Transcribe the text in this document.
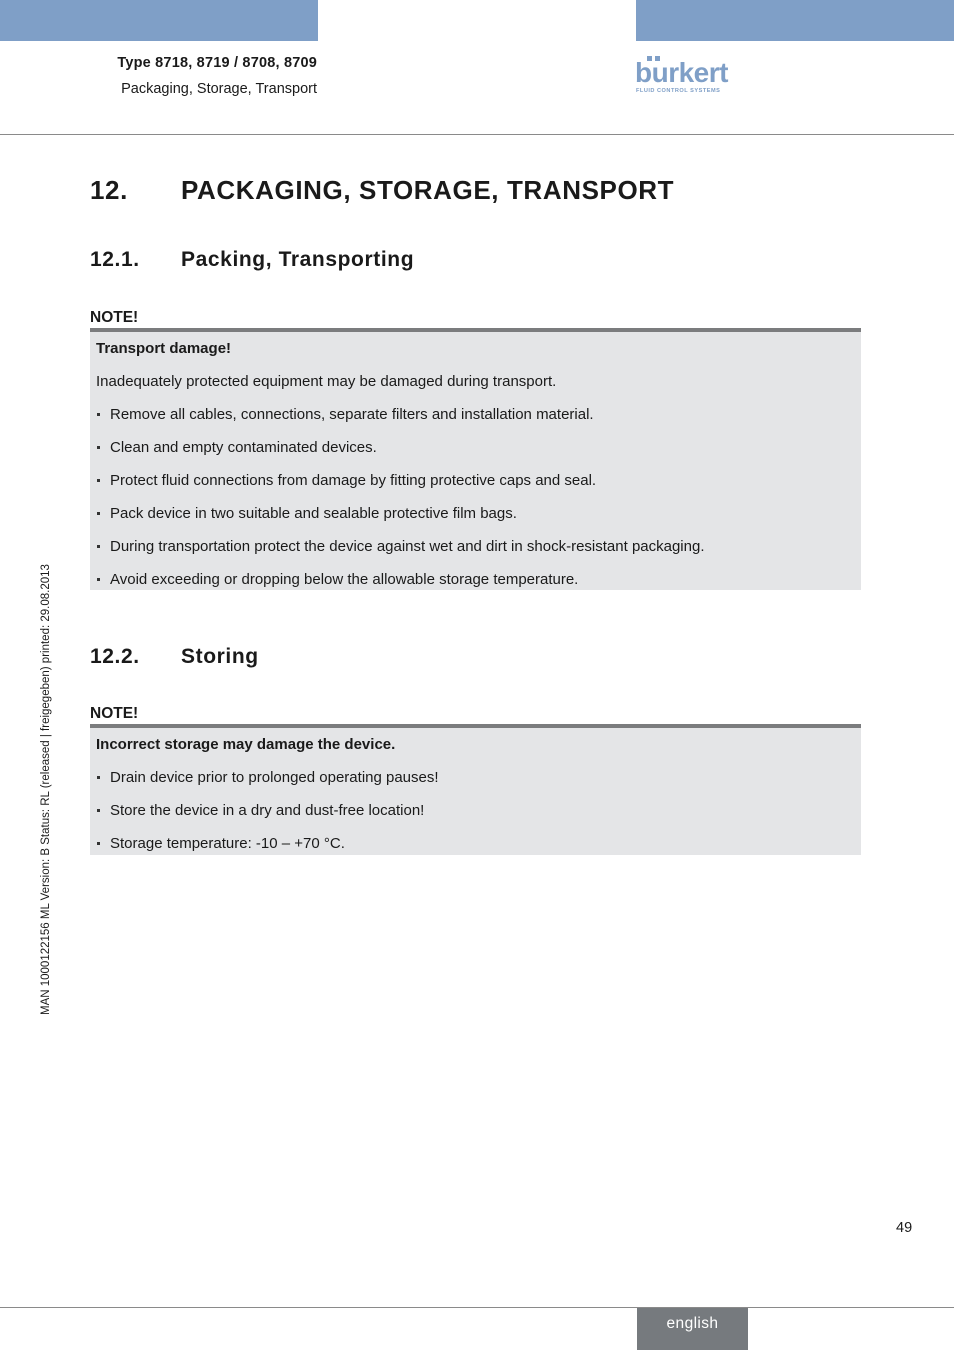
Type 8718, 8719 / 8708, 8709
Packaging, Storage, Transport
burkert
FLUID CONTROL SYSTEMS
MAN 1000122156 ML Version: B Status: RL (released | freigegeben) printed: 29.08.2013
12. PACKAGING, STORAGE, TRANSPORT
12.1. Packing, Transporting
NOTE!
Transport damage!
Inadequately protected equipment may be damaged during transport.
Remove all cables, connections, separate filters and installation material.
Clean and empty contaminated devices.
Protect fluid connections from damage by fitting protective caps and seal.
Pack device in two suitable and sealable protective film bags.
During transportation protect the device against wet and dirt in shock-resistant packaging.
Avoid exceeding or dropping below the allowable storage temperature.
12.2. Storing
NOTE!
Incorrect storage may damage the device.
Drain device prior to prolonged operating pauses!
Store the device in a dry and dust-free location!
Storage temperature: -10 – +70 °C.
49
english
